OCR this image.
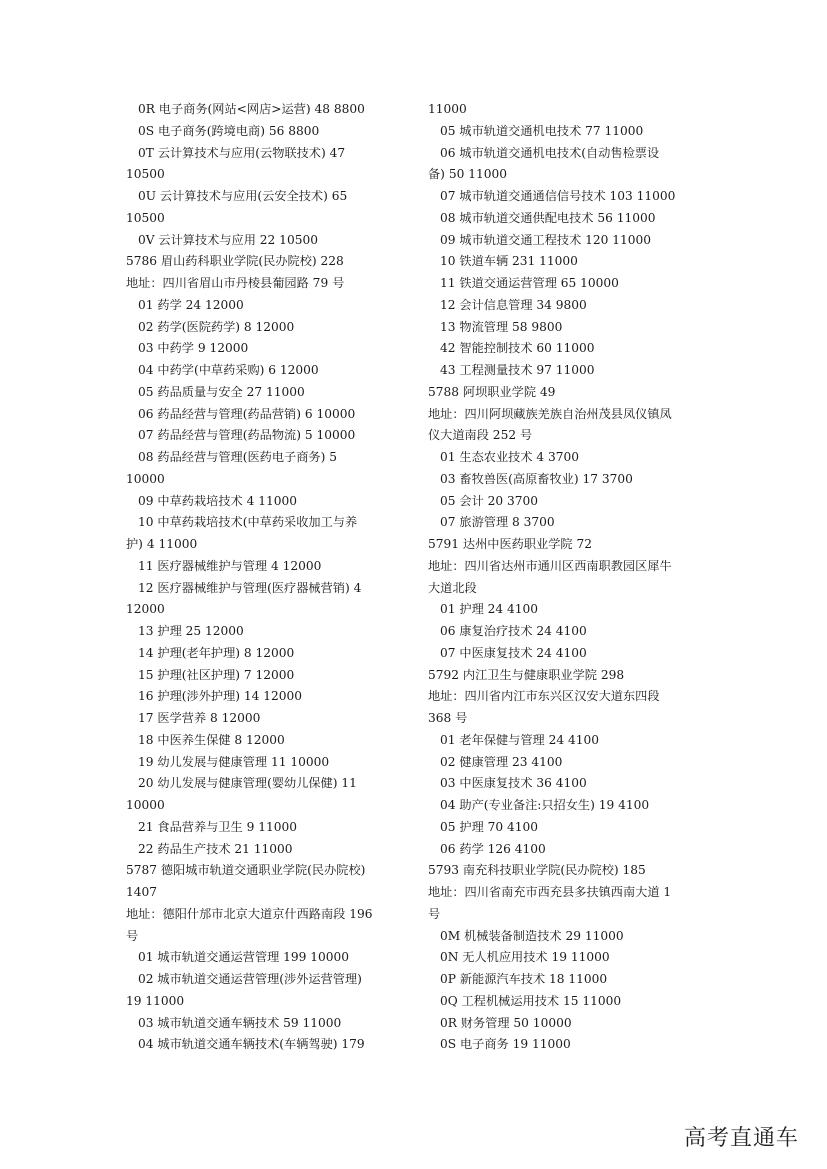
0R 电子商务(网站<网店>运营) 48 8800
0S 电子商务(跨境电商) 56 8800
0T 云计算技术与应用(云物联技术) 47
10500
0U 云计算技术与应用(云安全技术) 65
10500
0V 云计算技术与应用 22 10500
5786 眉山药科职业学院(民办院校) 228
地址：四川省眉山市丹棱县葡园路 79 号
01 药学 24 12000
02 药学(医院药学) 8 12000
03 中药学 9 12000
04 中药学(中草药采购) 6 12000
05 药品质量与安全 27 11000
06 药品经营与管理(药品营销) 6 10000
07 药品经营与管理(药品物流) 5 10000
08 药品经营与管理(医药电子商务) 5
10000
09 中草药栽培技术 4 11000
10 中草药栽培技术(中草药采收加工与养
护) 4 11000
11 医疗器械维护与管理 4 12000
12 医疗器械维护与管理(医疗器械营销) 4
12000
13 护理 25 12000
14 护理(老年护理) 8 12000
15 护理(社区护理) 7 12000
16 护理(涉外护理) 14 12000
17 医学营养 8 12000
18 中医养生保健 8 12000
19 幼儿发展与健康管理 11 10000
20 幼儿发展与健康管理(婴幼儿保健) 11
10000
21 食品营养与卫生 9 11000
22 药品生产技术 21 11000
5787 德阳城市轨道交通职业学院(民办院校)
1407
地址：德阳什邡市北京大道京什西路南段 196
号
01 城市轨道交通运营管理 199 10000
02 城市轨道交通运营管理(涉外运营管理)
19 11000
03 城市轨道交通车辆技术 59 11000
04 城市轨道交通车辆技术(车辆驾驶) 179
11000
05 城市轨道交通机电技术 77 11000
06 城市轨道交通机电技术(自动售检票设
备) 50 11000
07 城市轨道交通通信信号技术 103 11000
08 城市轨道交通供配电技术 56 11000
09 城市轨道交通工程技术 120 11000
10 铁道车辆 231 11000
11 铁道交通运营管理 65 10000
12 会计信息管理 34 9800
13 物流管理 58 9800
42 智能控制技术 60 11000
43 工程测量技术 97 11000
5788 阿坝职业学院 49
地址：四川阿坝藏族羌族自治州茂县凤仪镇凤
仪大道南段 252 号
01 生态农业技术 4 3700
03 畜牧兽医(高原畜牧业) 17 3700
05 会计 20 3700
07 旅游管理 8 3700
5791 达州中医药职业学院 72
地址：四川省达州市通川区西南职教园区犀牛
大道北段
01 护理 24 4100
06 康复治疗技术 24 4100
07 中医康复技术 24 4100
5792 内江卫生与健康职业学院 298
地址：四川省内江市东兴区汉安大道东四段
368 号
01 老年保健与管理 24 4100
02 健康管理 23 4100
03 中医康复技术 36 4100
04 助产(专业备注:只招女生) 19 4100
05 护理 70 4100
06 药学 126 4100
5793 南充科技职业学院(民办院校) 185
地址：四川省南充市西充县多扶镇西南大道 1
号
0M 机械装备制造技术 29 11000
0N 无人机应用技术 19 11000
0P 新能源汽车技术 18 11000
0Q 工程机械运用技术 15 11000
0R 财务管理 50 10000
0S 电子商务 19 11000
高考直通车
